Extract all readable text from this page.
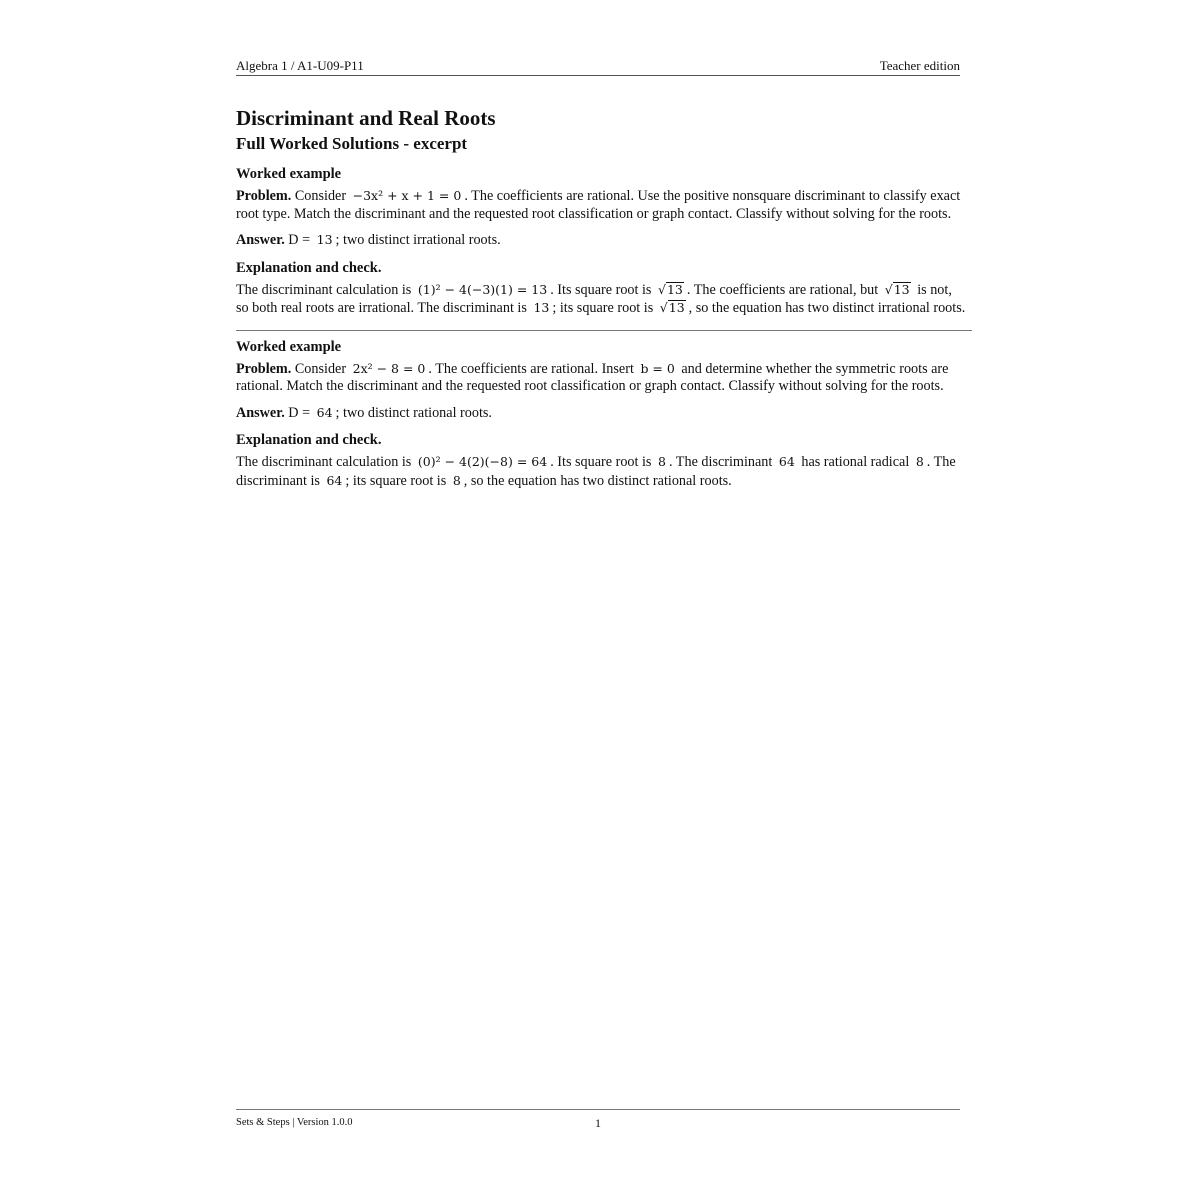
Algebra 1 / A1-U09-P11	Teacher edition
Discriminant and Real Roots
Full Worked Solutions - excerpt
Worked example

Problem. Consider −3x² + x + 1 = 0 . The coefficients are rational. Use the positive nonsquare discriminant to classify exact root type. Match the discriminant and the requested root classification or graph contact. Classify without solving for the roots.

Answer. D = 13 ; two distinct irrational roots.

Explanation and check.

The discriminant calculation is (1)² − 4(−3)(1) = 13 . Its square root is √13 . The coefficients are rational, but √13 is not, so both real roots are irrational. The discriminant is 13 ; its square root is √13 , so the equation has two distinct irrational roots.

Worked example

Problem. Consider 2x² − 8 = 0 . The coefficients are rational. Insert b = 0 and determine whether the symmetric roots are rational. Match the discriminant and the requested root classification or graph contact. Classify without solving for the roots.

Answer. D = 64 ; two distinct rational roots.

Explanation and check.

The discriminant calculation is (0)² − 4(2)(−8) = 64 . Its square root is 8 . The discriminant 64 has rational radical 8 . The discriminant is 64 ; its square root is 8 , so the equation has two distinct rational roots.

Sets & Steps | Version 1.0.0	1
